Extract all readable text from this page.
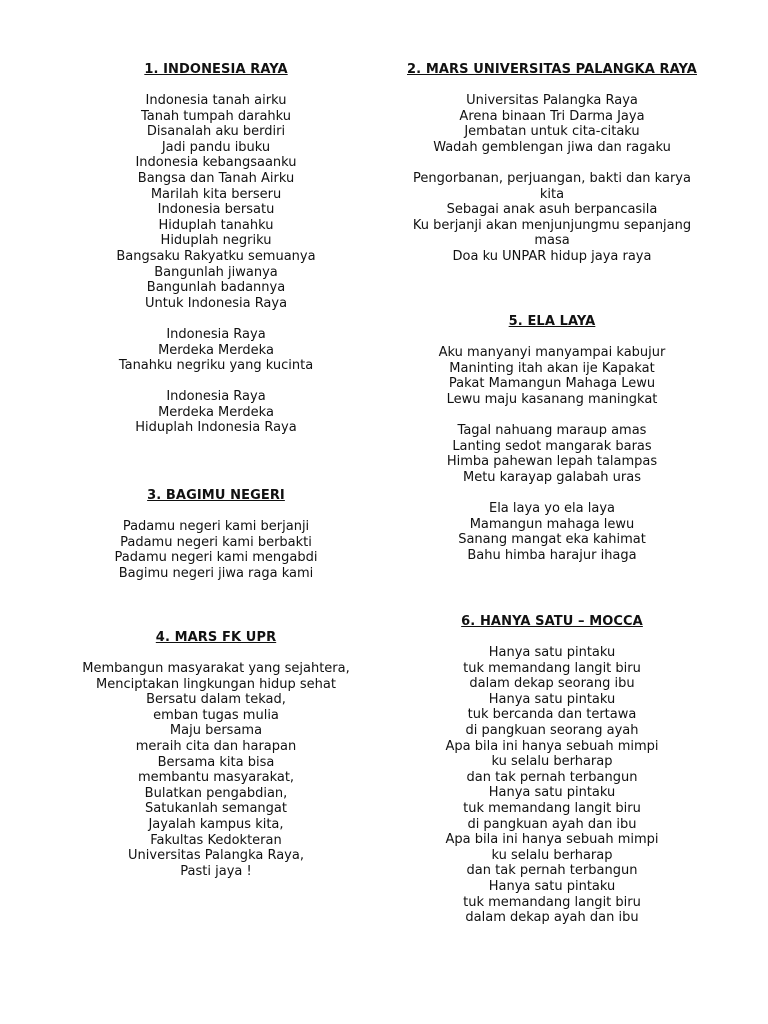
1. INDONESIA RAYA
Indonesia tanah airku
Tanah tumpah darahku
Disanalah aku berdiri
Jadi pandu ibuku
Indonesia kebangsaanku
Bangsa dan Tanah Airku
Marilah kita berseru
Indonesia bersatu
Hiduplah tanahku
Hiduplah negriku
Bangsaku Rakyatku semuanya
Bangunlah jiwanya
Bangunlah badannya
Untuk Indonesia Raya
Indonesia Raya
Merdeka Merdeka
Tanahku negriku yang kucinta
Indonesia Raya
Merdeka Merdeka
Hiduplah Indonesia Raya
3. BAGIMU NEGERI
Padamu negeri kami berjanji
Padamu negeri kami berbakti
Padamu negeri kami mengabdi
Bagimu negeri jiwa raga kami
4. MARS FK UPR
Membangun masyarakat yang sejahtera,
Menciptakan lingkungan hidup sehat
Bersatu dalam tekad,
emban tugas mulia
Maju bersama
meraih cita dan harapan
Bersama kita bisa
membantu masyarakat,
Bulatkan pengabdian,
Satukanlah semangat
Jayalah kampus kita,
Fakultas Kedokteran
Universitas Palangka Raya,
Pasti jaya !
2. MARS UNIVERSITAS PALANGKA RAYA
Universitas Palangka Raya
Arena binaan Tri Darma Jaya
Jembatan untuk cita-citaku
Wadah gemblengan jiwa dan ragaku
Pengorbanan, perjuangan, bakti dan karya kita
Sebagai anak asuh berpancasila
Ku berjanji akan menjunjungmu sepanjang masa
Doa ku UNPAR hidup jaya raya
5. ELA LAYA
Aku manyanyi manyampai kabujur
Maninting itah akan ije Kapakat
Pakat Mamangun Mahaga Lewu
Lewu maju kasanang maningkat
Tagal nahuang maraup amas
Lanting sedot mangarak baras
Himba pahewan lepah talampas
Metu karayap galabah uras
Ela laya yo ela laya
Mamangun mahaga lewu
Sanang mangat eka kahimat
Bahu himba harajur ihaga
6. HANYA SATU – MOCCA
Hanya satu pintaku
tuk memandang langit biru
dalam dekap seorang ibu
Hanya satu pintaku
tuk bercanda dan tertawa
di pangkuan seorang ayah
Apa bila ini hanya sebuah mimpi
ku selalu berharap
dan tak pernah terbangun
Hanya satu pintaku
tuk memandang langit biru
di pangkuan ayah dan ibu
Apa bila ini hanya sebuah mimpi
ku selalu berharap
dan tak pernah terbangun
Hanya satu pintaku
tuk memandang langit biru
dalam dekap ayah dan ibu
